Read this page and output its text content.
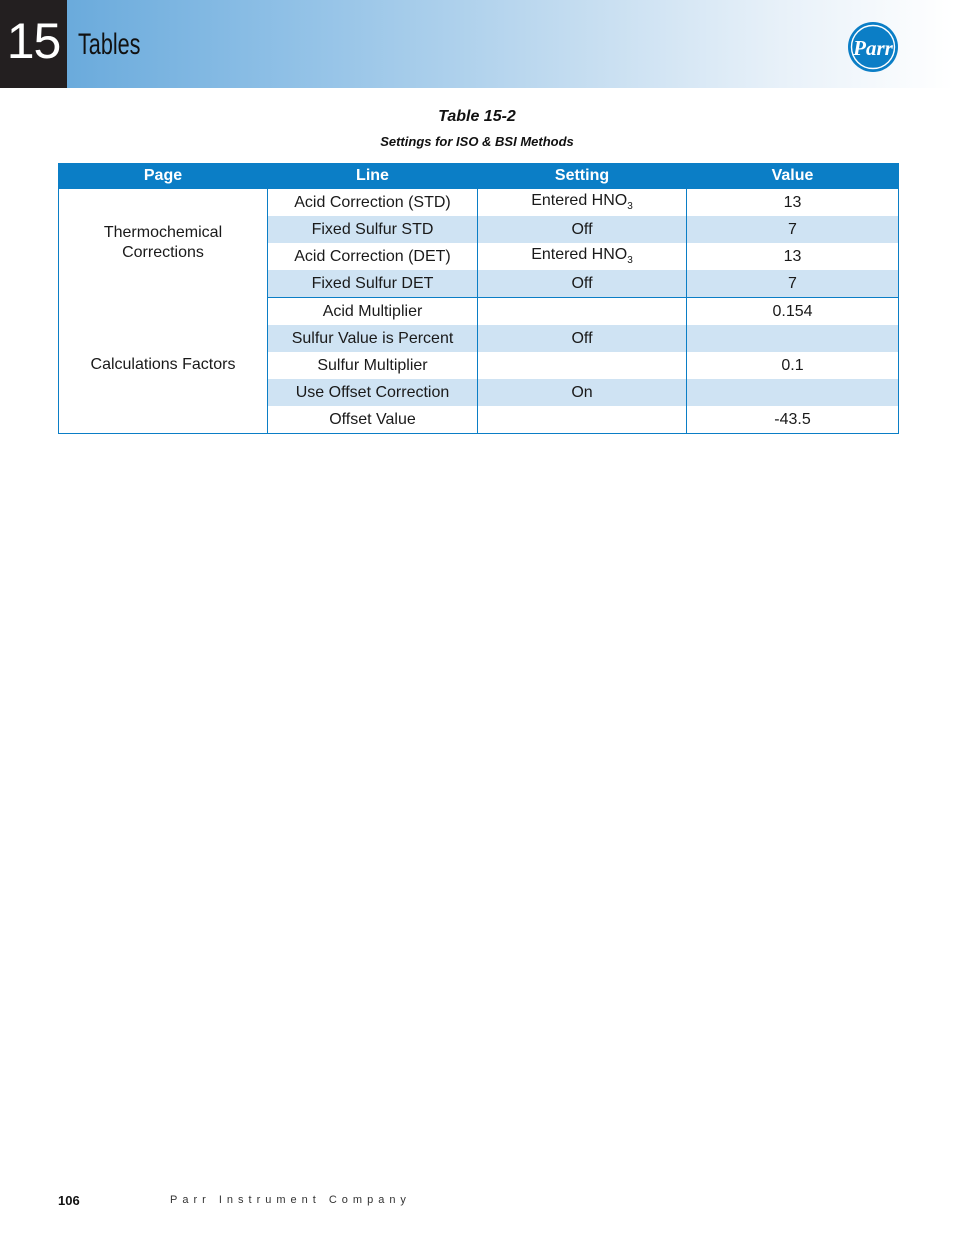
15 Tables	Parr
Table 15-2
Settings for ISO & BSI Methods
Page	Line	Setting	Value

Thermochemical Corrections	Acid Correction (STD)	Entered $HNO_3$	13
	Fixed Sulfur STD	Off	7
	Acid Correction (DET)	Entered $HNO_3$	13
	Fixed Sulfur DET	Off	7

Calculations Factors	Acid Multiplier		0.154
	Sulfur Value is Percent	Off	
	Sulfur Multiplier		0.1
	Use Offset Correction	On	
	Offset Value		-43.5
106	Parr Instrument Company
